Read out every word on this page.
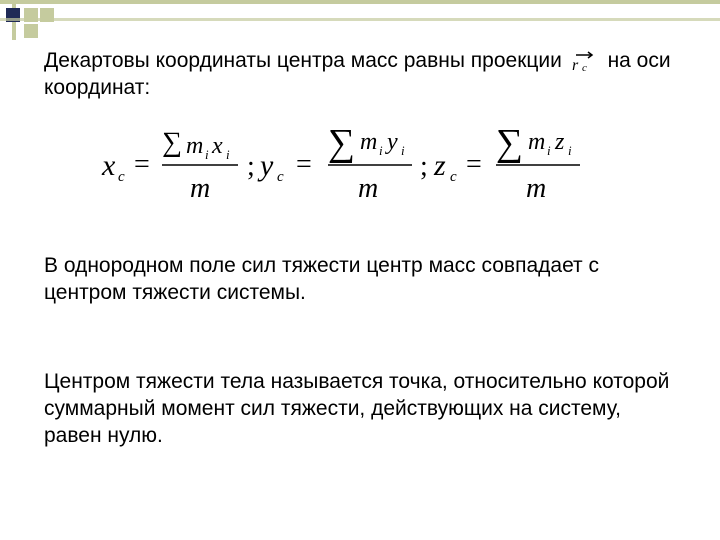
Декартовы координаты центра масс равны проекции r c на оси координат:
x c =
∑ m i x i
m
; y c =
∑ m i y i
m
; z c =
∑ m i z i
m
В однородном поле сил тяжести центр масс совпадает с центром тяжести системы.
Центром тяжести тела называется точка, относительно которой суммарный момент сил тяжести, действующих на систему, равен нулю.
